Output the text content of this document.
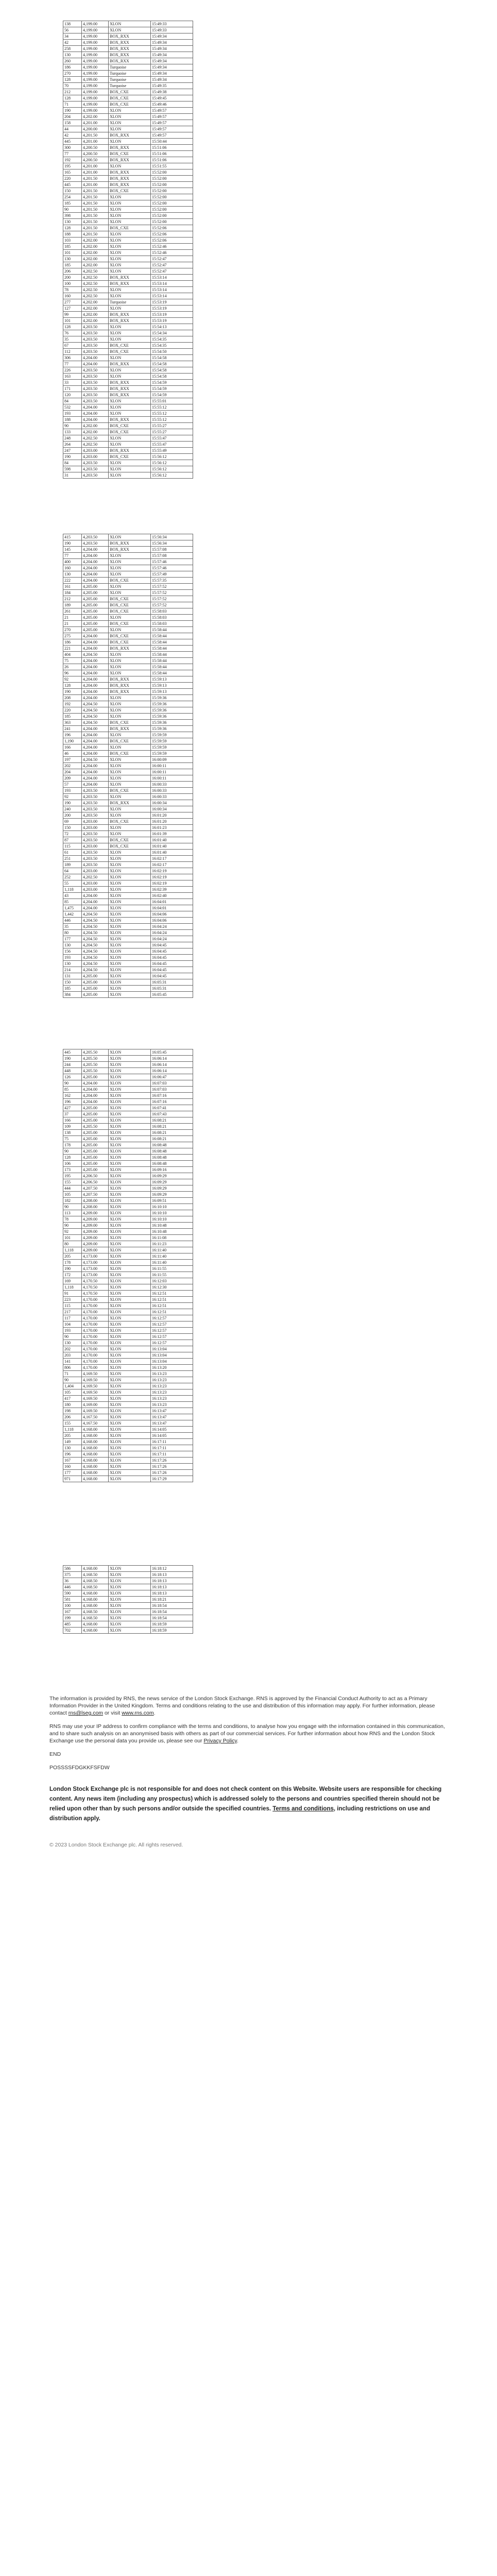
138	4,199.00	XLON	15:49:33
56	4,199.00	XLON	15:49:33
34	4,199.00	BOX_RXX	15:49:34
42	4,199.00	BOX_RXX	15:49:34
258	4,199.00	BOX_RXX	15:49:34
130	4,199.00	BOX_RXX	15:49:34
260	4,199.00	BOX_RXX	15:49:34
186	4,199.00	Turquoise	15:49:34
270	4,199.00	Turquoise	15:49:34
128	4,199.00	Turquoise	15:49:34
70	4,199.00	Turquoise	15:49:35
212	4,199.00	BOX_CXE	15:49:38
128	4,199.00	BOX_CXE	15:49:45
71	4,199.00	BOX_CXE	15:49:46
190	4,199.00	XLON	15:49:57
204	4,202.00	XLON	15:49:57
158	4,201.00	XLON	15:49:57
44	4,200.00	XLON	15:49:57
42	4,201.50	BOX_RXX	15:49:57
445	4,201.00	XLON	15:50:44
300	4,200.50	BOX_RXX	15:51:06
77	4,200.50	BOX_CXE	15:51:06
192	4,200.50	BOX_RXX	15:51:06
195	4,201.00	XLON	15:51:55
165	4,201.00	BOX_RXX	15:52:00
220	4,201.50	BOX_RXX	15:52:00
445	4,201.00	BOX_RXX	15:52:00
150	4,201.50	BOX_CXE	15:52:00
254	4,201.50	XLON	15:52:00
185	4,201.50	XLON	15:52:00
90	4,201.50	XLON	15:52:00
398	4,201.50	XLON	15:52:00
130	4,201.50	XLON	15:52:00
128	4,201.50	BOX_CXE	15:52:06
188	4,201.50	XLON	15:52:06
103	4,202.00	XLON	15:52:06
185	4,202.00	XLON	15:52:46
101	4,202.00	XLON	15:52:46
130	4,202.00	XLON	15:52:47
185	4,202.00	XLON	15:52:47
206	4,202.50	XLON	15:52:47
200	4,202.50	BOX_RXX	15:53:14
100	4,202.50	BOX_RXX	15:53:14
78	4,202.50	XLON	15:53:14
160	4,202.50	XLON	15:53:14
277	4,202.00	Turquoise	15:53:19
127	4,202.00	XLON	15:53:19
99	4,202.00	BOX_RXX	15:53:19
101	4,202.00	BOX_RXX	15:53:19
128	4,203.50	XLON	15:54:13
76	4,203.50	XLON	15:54:34
35	4,203.50	XLON	15:54:35
67	4,203.50	BOX_CXE	15:54:35
112	4,203.50	BOX_CXE	15:54:50
306	4,204.00	XLON	15:54:58
77	4,204.00	BOX_RXX	15:54:58
226	4,203.50	XLON	15:54:58
163	4,203.50	XLON	15:54:58
33	4,203.50	BOX_RXX	15:54:59
171	4,203.50	BOX_RXX	15:54:59
120	4,203.50	BOX_RXX	15:54:59
84	4,203.50	XLON	15:55:01
532	4,204.00	XLON	15:55:12
193	4,204.00	XLON	15:55:12
188	4,204.00	BOX_RXX	15:55:12
90	4,202.00	BOX_CXE	15:55:27
133	4,202.00	BOX_CXE	15:55:27
248	4,202.50	XLON	15:55:47
264	4,202.50	XLON	15:55:47
247	4,203.00	BOX_RXX	15:55:49
190	4,203.00	BOX_CXE	15:56:12
84	4,203.50	XLON	15:56:12
598	4,203.50	XLON	15:56:12
31	4,203.50	XLON	15:56:12
415	4,203.50	XLON	15:56:34
190	4,203.50	BOX_RXX	15:56:34
145	4,204.00	BOX_RXX	15:57:08
77	4,204.00	XLON	15:57:08
400	4,204.00	XLON	15:57:46
160	4,204.00	XLON	15:57:46
130	4,204.00	XLON	15:57:49
222	4,204.00	BOX_CXE	15:57:35
161	4,205.00	XLON	15:57:52
184	4,205.00	XLON	15:57:52
212	4,205.00	BOX_CXE	15:57:52
189	4,205.00	BOX_CXE	15:57:52
261	4,205.00	BOX_CXE	15:58:03
21	4,205.00	XLON	15:58:03
21	4,205.00	BOX_CXE	15:58:03
270	4,205.00	XLON	15:58:44
275	4,204.00	BOX_CXE	15:58:44
186	4,204.00	BOX_CXE	15:58:44
221	4,204.00	BOX_RXX	15:58:44
404	4,204.50	XLON	15:58:44
75	4,204.00	XLON	15:58:44
26	4,204.00	XLON	15:58:44
96	4,204.00	XLON	15:58:44
92	4,204.00	BOX_RXX	15:59:13
128	4,204.00	BOX_RXX	15:59:13
190	4,204.00	BOX_RXX	15:59:13
208	4,204.00	XLON	15:59:36
192	4,204.50	XLON	15:59:36
220	4,204.50	XLON	15:59:36
185	4,204.50	XLON	15:59:36
363	4,204.50	BOX_CXE	15:59:36
241	4,204.00	BOX_RXX	15:59:36
196	4,204.00	XLON	15:59:59
1,190	4,204.00	BOX_CXE	15:59:59
166	4,204.00	XLON	15:59:59
46	4,204.00	BOX_CXE	15:59:59
197	4,204.50	XLON	16:00:09
202	4,204.00	XLON	16:00:11
204	4,204.00	XLON	16:00:11
209	4,204.00	XLON	16:00:11
57	4,204.00	XLON	16:00:33
193	4,203.50	BOX_CXE	16:00:33
92	4,203.50	XLON	16:00:33
190	4,203.50	BOX_RXX	16:00:34
240	4,203.50	XLON	16:00:34
200	4,203.50	XLON	16:01:20
69	4,203.00	BOX_CXE	16:01:20
150	4,203.00	XLON	16:01:23
72	4,203.50	XLON	16:01:39
87	4,203.50	BOX_CXE	16:01:40
115	4,203.00	BOX_CXE	16:01:40
61	4,203.50	XLON	16:01:40
251	4,203.50	XLON	16:02:17
189	4,203.50	XLON	16:02:17
64	4,203.00	XLON	16:02:19
252	4,202.50	XLON	16:02:19
55	4,203.00	XLON	16:02:19
1,118	4,203.00	XLON	16:02:39
43	4,204.00	XLON	16:02:40
85	4,204.00	XLON	16:04:01
1,475	4,204.00	XLON	16:04:01
1,442	4,204.50	XLON	16:04:06
446	4,204.50	XLON	16:04:06
35	4,204.50	XLON	16:04:24
80	4,204.50	XLON	16:04:24
177	4,204.50	XLON	16:04:24
130	4,204.50	XLON	16:04:45
156	4,204.50	XLON	16:04:45
193	4,204.50	XLON	16:04:45
130	4,204.50	XLON	16:04:45
214	4,204.50	XLON	16:04:45
131	4,205.00	XLON	16:04:45
150	4,205.00	XLON	16:05:31
185	4,205.00	XLON	16:05:31
384	4,205.00	XLON	16:05:45
445	4,205.50	XLON	16:05:45
190	4,205.50	XLON	16:06:14
244	4,205.50	XLON	16:06:14
448	4,205.50	XLON	16:06:14
126	4,205.00	XLON	16:06:47
90	4,204.00	XLON	16:07:03
85	4,204.00	XLON	16:07:03
162	4,204.00	XLON	16:07:16
196	4,204.00	XLON	16:07:16
427	4,205.00	XLON	16:07:41
37	4,205.00	XLON	16:07:43
166	4,205.00	XLON	16:08:21
109	4,205.50	XLON	16:08:21
138	4,205.00	XLON	16:08:21
75	4,205.00	XLON	16:08:21
178	4,205.00	XLON	16:08:48
90	4,205.00	XLON	16:08:48
128	4,205.00	XLON	16:08:48
106	4,205.00	XLON	16:08:48
173	4,205.00	XLON	16:09:16
195	4,206.50	XLON	16:09:29
155	4,206.50	XLON	16:09:29
444	4,207.50	XLON	16:09:29
105	4,207.50	XLON	16:09:29
182	4,208.00	XLON	16:09:51
90	4,208.00	XLON	16:10:10
113	4,209.00	XLON	16:10:10
78	4,209.00	XLON	16:10:10
90	4,209.00	XLON	16:10:48
92	4,209.00	XLON	16:10:48
101	4,209.00	XLON	16:11:08
80	4,209.00	XLON	16:11:23
1,118	4,209.00	XLON	16:11:40
205	4,173.00	XLON	16:11:40
178	4,173.00	XLON	16:11:40
190	4,173.00	XLON	16:11:55
172	4,173.00	XLON	16:11:55
169	4,170.50	XLON	16:12:03
1,118	4,170.50	XLON	16:12:30
91	4,170.50	XLON	16:12:51
223	4,170.00	XLON	16:12:51
115	4,170.00	XLON	16:12:51
217	4,170.00	XLON	16:12:51
117	4,170.00	XLON	16:12:57
104	4,170.00	XLON	16:12:57
193	4,170.00	XLON	16:12:57
90	4,170.00	XLON	16:12:57
130	4,170.00	XLON	16:12:57
202	4,170.00	XLON	16:13:04
203	4,170.00	XLON	16:13:04
141	4,170.00	XLON	16:13:04
806	4,170.00	XLON	16:13:20
71	4,169.50	XLON	16:13:23
90	4,169.50	XLON	16:13:23
1,404	4,169.50	XLON	16:13:23
105	4,169.50	XLON	16:13:23
417	4,169.50	XLON	16:13:23
180	4,169.00	XLON	16:13:23
198	4,169.50	XLON	16:13:47
206	4,167.50	XLON	16:13:47
155	4,167.50	XLON	16:13:47
1,118	4,168.00	XLON	16:14:05
205	4,168.00	XLON	16:14:05
149	4,168.00	XLON	16:17:11
130	4,168.00	XLON	16:17:11
196	4,168.00	XLON	16:17:11
167	4,168.00	XLON	16:17:26
160	4,168.00	XLON	16:17:26
177	4,168.00	XLON	16:17:26
971	4,168.00	XLON	16:17:29
586	4,168.00	XLON	16:18:12
375	4,168.50	XLON	16:18:13
36	4,168.50	XLON	16:18:13
446	4,168.50	XLON	16:18:13
590	4,168.00	XLON	16:18:13
581	4,168.00	XLON	16:18:21
100	4,168.00	XLON	16:18:54
167	4,168.50	XLON	16:18:54
199	4,168.50	XLON	16:18:54
485	4,168.00	XLON	16:18:59
702	4,168.00	XLON	16:18:59

The information is provided by RNS, the news service of the London Stock Exchange. RNS is approved by the Financial Conduct Authority to act as a Primary Information Provider in the United Kingdom. Terms and conditions relating to the use and distribution of this information may apply. For further information, please contact rns@lseg.com or visit www.rns.com.

RNS may use your IP address to confirm compliance with the terms and conditions, to analyse how you engage with the information contained in this communication, and to share such analysis on an anonymised basis with others as part of our commercial services. For further information about how RNS and the London Stock Exchange use the personal data you provide us, please see our Privacy Policy.

END

POSSSSFDGKKFSFDW

London Stock Exchange plc is not responsible for and does not check content on this Website. Website users are responsible for checking content. Any news item (including any prospectus) which is addressed solely to the persons and countries specified therein should not be relied upon other than by such persons and/or outside the specified countries. Terms and conditions, including restrictions on use and distribution apply.

© 2023 London Stock Exchange plc. All rights reserved.
